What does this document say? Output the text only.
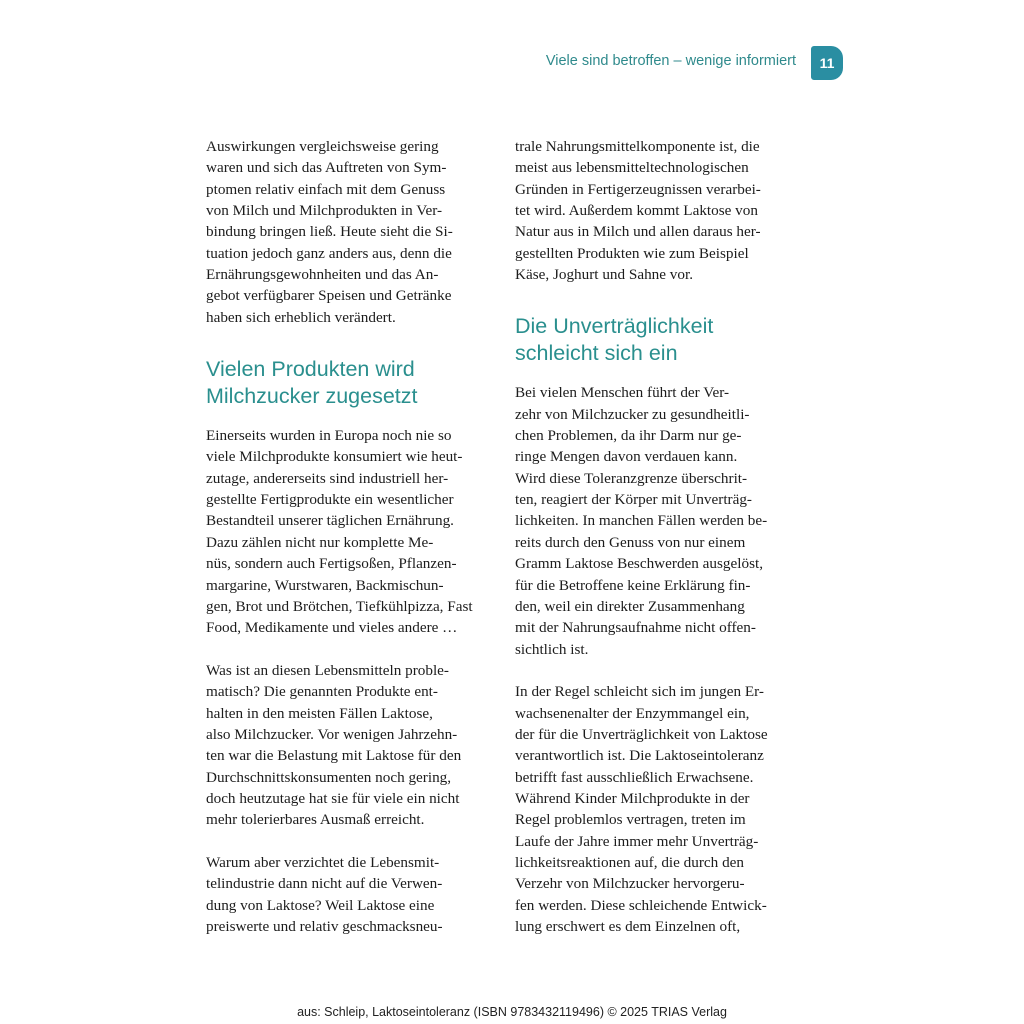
Viele sind betroffen – wenige informiert	11
Auswirkungen vergleichsweise gering
waren und sich das Auftreten von Sym-
ptomen relativ einfach mit dem Genuss
von Milch und Milchprodukten in Ver-
bindung bringen ließ. Heute sieht die Si-
tuation jedoch ganz anders aus, denn die
Ernährungsgewohnheiten und das An-
gebot verfügbarer Speisen und Getränke
haben sich erheblich verändert.
Vielen Produkten wird
Milchzucker zugesetzt
Einerseits wurden in Europa noch nie so
viele Milchprodukte konsumiert wie heut-
zutage, andererseits sind industriell her-
gestellte Fertigprodukte ein wesentlicher
Bestandteil unserer täglichen Ernährung.
Dazu zählen nicht nur komplette Me-
nüs, sondern auch Fertigsoßen, Pflanzen-
margarine, Wurstwaren, Backmischun-
gen, Brot und Brötchen, Tiefkühlpizza, Fast
Food, Medikamente und vieles andere …
Was ist an diesen Lebensmitteln proble-
matisch? Die genannten Produkte ent-
halten in den meisten Fällen Laktose,
also Milchzucker. Vor wenigen Jahrzehn-
ten war die Belastung mit Laktose für den
Durchschnittskonsumenten noch gering,
doch heutzutage hat sie für viele ein nicht
mehr tolerierbares Ausmaß erreicht.
Warum aber verzichtet die Lebensmit-
telindustrie dann nicht auf die Verwen-
dung von Laktose? Weil Laktose eine
preiswerte und relativ geschmacksneu-
trale Nahrungsmittelkomponente ist, die
meist aus lebensmitteltechnologischen
Gründen in Fertigerzeugnissen verarbei-
tet wird. Außerdem kommt Laktose von
Natur aus in Milch und allen daraus her-
gestellten Produkten wie zum Beispiel
Käse, Joghurt und Sahne vor.
Die Unverträglichkeit
schleicht sich ein
Bei vielen Menschen führt der Ver-
zehr von Milchzucker zu gesundheitli-
chen Problemen, da ihr Darm nur ge-
ringe Mengen davon verdauen kann.
Wird diese Toleranzgrenze überschrit-
ten, reagiert der Körper mit Unverträg-
lichkeiten. In manchen Fällen werden be-
reits durch den Genuss von nur einem
Gramm Laktose Beschwerden ausgelöst,
für die Betroffene keine Erklärung fin-
den, weil ein direkter Zusammenhang
mit der Nahrungsaufnahme nicht offen-
sichtlich ist.
In der Regel schleicht sich im jungen Er-
wachsenenalter der Enzymmangel ein,
der für die Unverträglichkeit von Laktose
verantwortlich ist. Die Laktoseintoleranz
betrifft fast ausschließlich Erwachsene.
Während Kinder Milchprodukte in der
Regel problemlos vertragen, treten im
Laufe der Jahre immer mehr Unverträg-
lichkeitsreaktionen auf, die durch den
Verzehr von Milchzucker hervorgeru-
fen werden. Diese schleichende Entwick-
lung erschwert es dem Einzelnen oft,
aus: Schleip, Laktoseintoleranz (ISBN 9783432119496) © 2025 TRIAS Verlag
